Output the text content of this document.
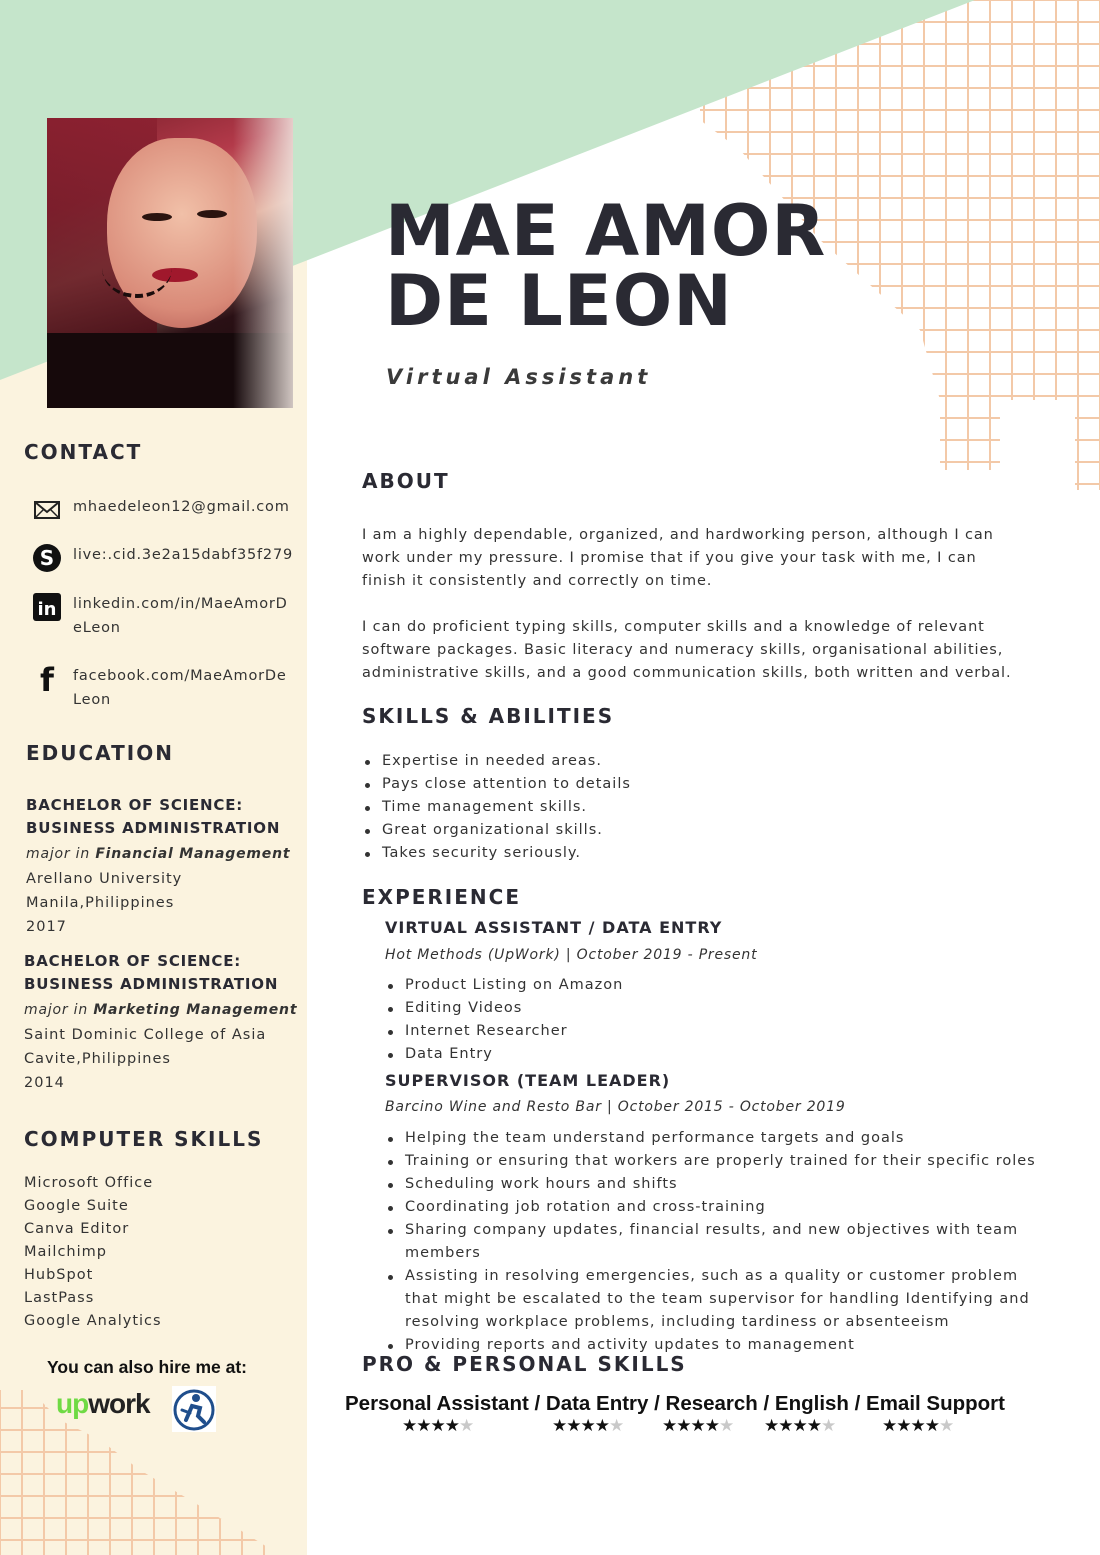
MAE AMOR
DE LEON
Virtual Assistant
CONTACT
mhaedeleon12@gmail.com
S live:.cid.3e2a15dabf35f279
in linkedin.com/in/MaeAmorDeLeon
f facebook.com/MaeAmorDeLeon
EDUCATION
BACHELOR OF SCIENCE:
BUSINESS ADMINISTRATION
major in Financial Management
Arellano University
Manila,Philippines
2017
BACHELOR OF SCIENCE:
BUSINESS ADMINISTRATION
major in Marketing Management
Saint Dominic College of Asia
Cavite,Philippines
2014
COMPUTER SKILLS
Microsoft Office
Google Suite
Canva Editor
Mailchimp
HubSpot
LastPass
Google Analytics
You can also hire me at:
upwork
ABOUT
I am a highly dependable, organized, and hardworking person, although I can work under my pressure. I promise that if you give your task with me, I can finish it consistently and correctly on time.
I can do proficient typing skills, computer skills and a knowledge of relevant software packages. Basic literacy and numeracy skills, organisational abilities, administrative skills, and a good communication skills, both written and verbal.
SKILLS & ABILITIES
Expertise in needed areas.
Pays close attention to details
Time management skills.
Great organizational skills.
Takes security seriously.
EXPERIENCE
VIRTUAL ASSISTANT / DATA ENTRY
Hot Methods (UpWork) | October 2019 - Present
Product Listing on Amazon
Editing Videos
Internet Researcher
Data Entry
SUPERVISOR (TEAM LEADER)
Barcino Wine and Resto Bar | October 2015 - October 2019
Helping the team understand performance targets and goals
Training or ensuring that workers are properly trained for their specific roles
Scheduling work hours and shifts
Coordinating job rotation and cross-training
Sharing company updates, financial results, and new objectives with team members
Assisting in resolving emergencies, such as a quality or customer problem that might be escalated to the team supervisor for handling Identifying and resolving workplace problems, including tardiness or absenteeism
Providing reports and activity updates to management
PRO & PERSONAL SKILLS
Personal Assistant / Data Entry / Research / English / Email Support
★★★★★	★★★★★ ★★★★★ ★★★★★	★★★★★
